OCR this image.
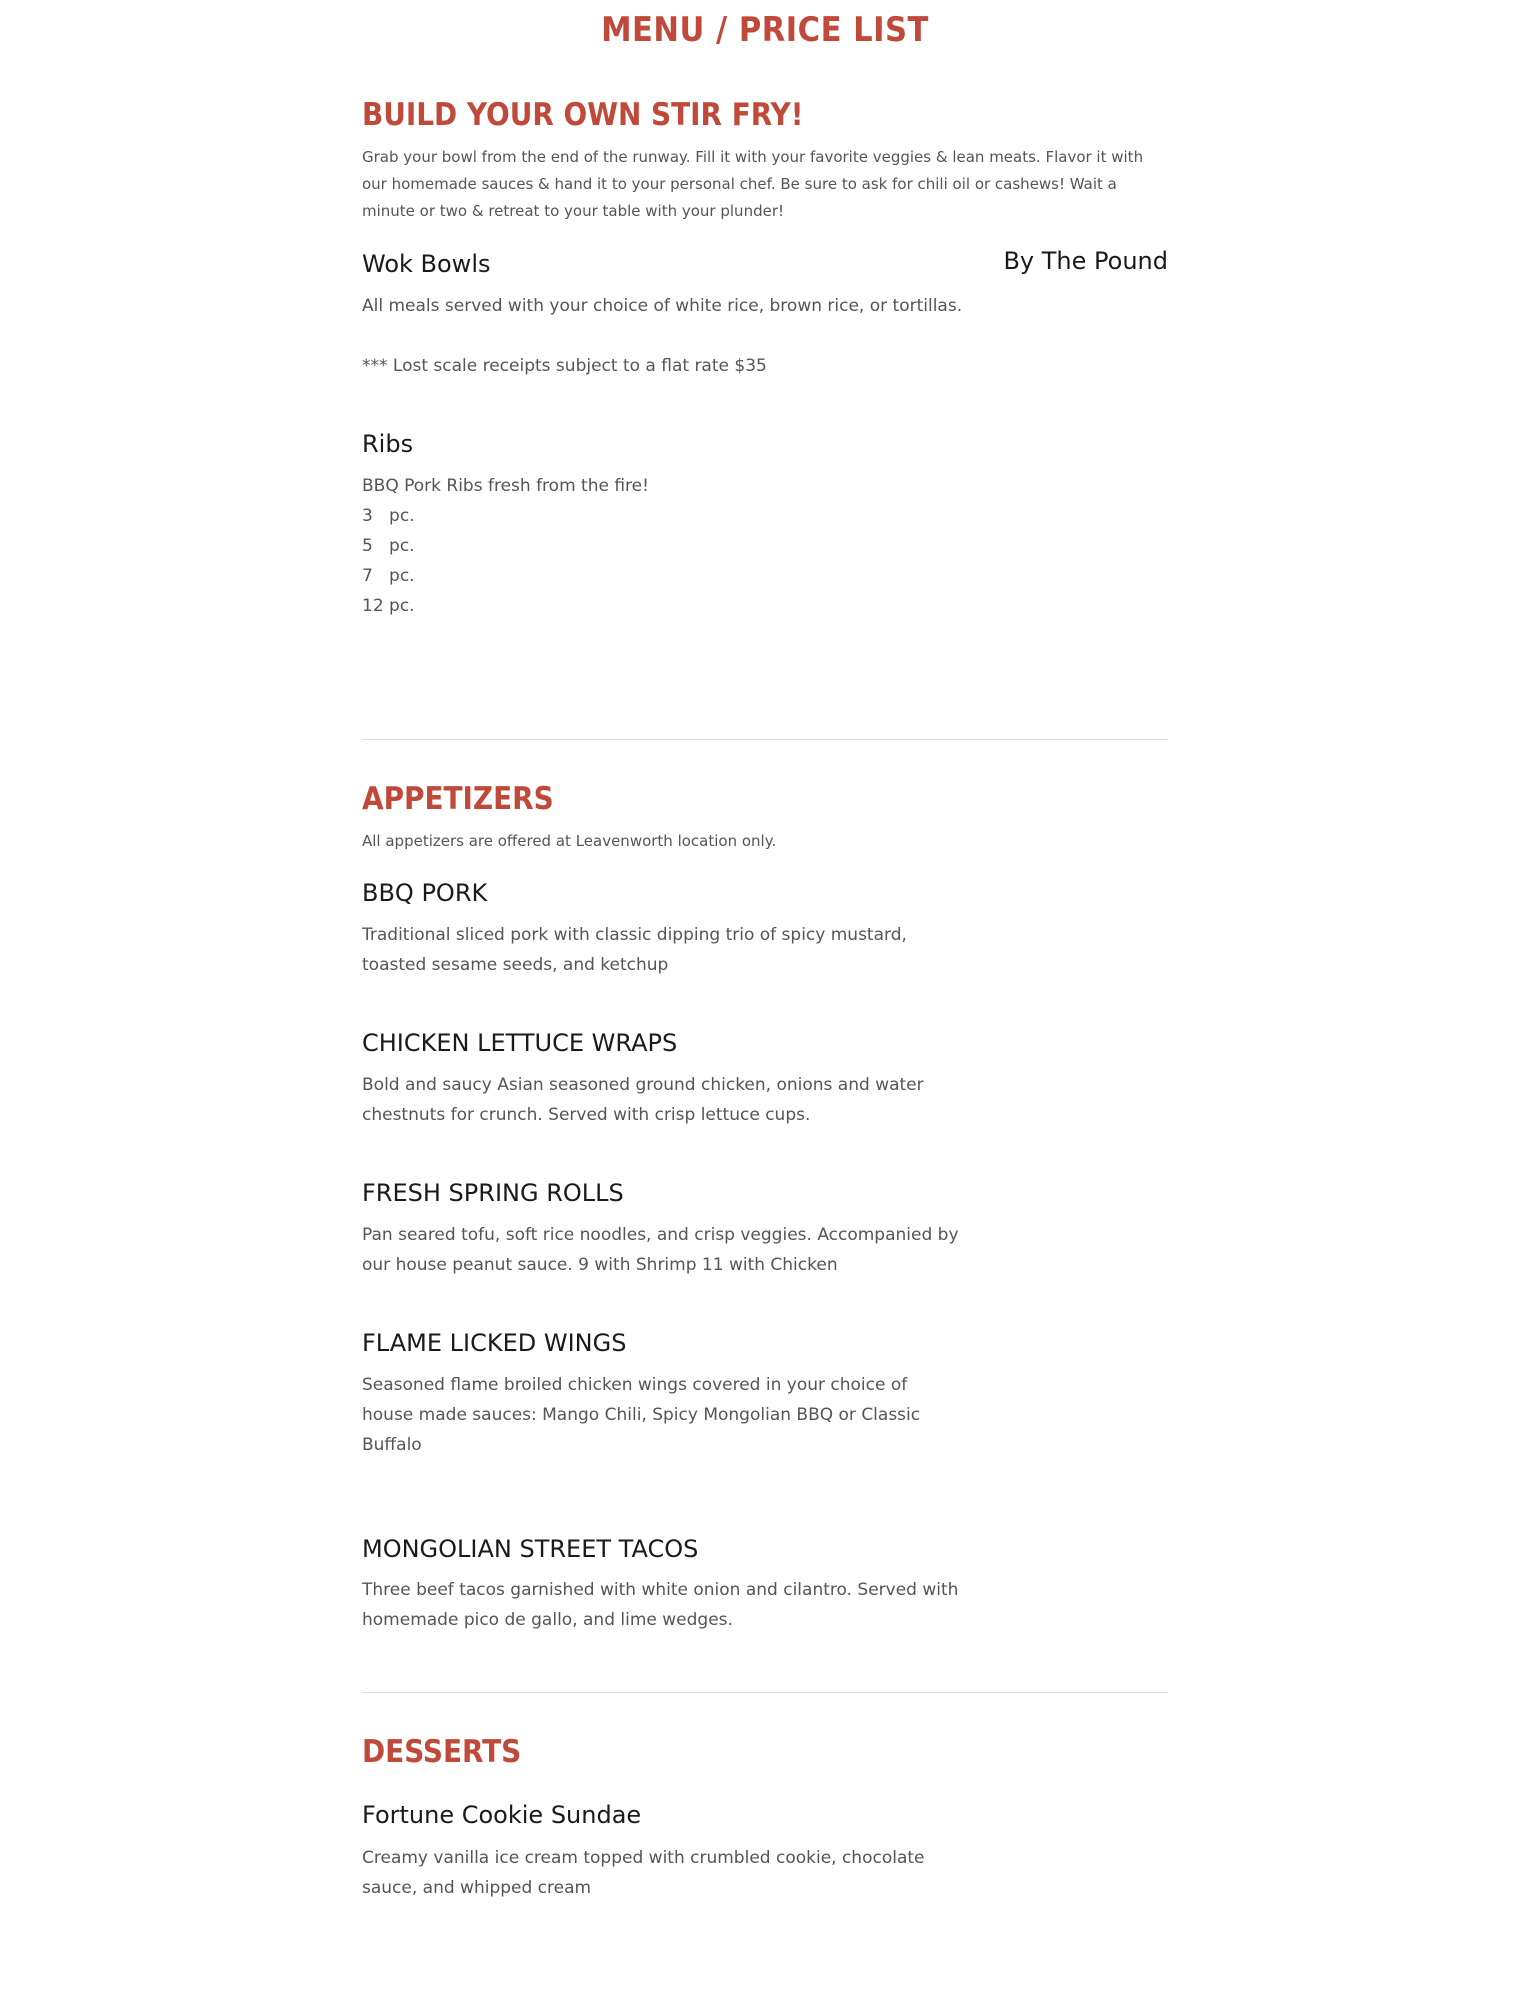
MENU / PRICE LIST
BUILD YOUR OWN STIR FRY!
Grab your bowl from the end of the runway. Fill it with your favorite veggies & lean meats. Flavor it with our homemade sauces & hand it to your personal chef. Be sure to ask for chili oil or cashews! Wait a minute or two & retreat to your table with your plunder!
Wok Bowls	By The Pound
All meals served with your choice of white rice, brown rice, or tortillas.
*** Lost scale receipts subject to a flat rate $35
Ribs
BBQ Pork Ribs fresh from the fire!
3   pc.
5   pc.
7   pc.
12 pc.
APPETIZERS
All appetizers are offered at Leavenworth location only.
BBQ PORK
Traditional sliced pork with classic dipping trio of spicy mustard, toasted sesame seeds, and ketchup
CHICKEN LETTUCE WRAPS
Bold and saucy Asian seasoned ground chicken, onions and water chestnuts for crunch. Served with crisp lettuce cups.
FRESH SPRING ROLLS
Pan seared tofu, soft rice noodles, and crisp veggies. Accompanied by our house peanut sauce. 9 with Shrimp 11 with Chicken
FLAME LICKED WINGS
Seasoned flame broiled chicken wings covered in your choice of house made sauces: Mango Chili, Spicy Mongolian BBQ or Classic Buffalo
MONGOLIAN STREET TACOS
Three beef tacos garnished with white onion and cilantro. Served with homemade pico de gallo, and lime wedges.
DESSERTS
Fortune Cookie Sundae
Creamy vanilla ice cream topped with crumbled cookie, chocolate sauce, and whipped cream
